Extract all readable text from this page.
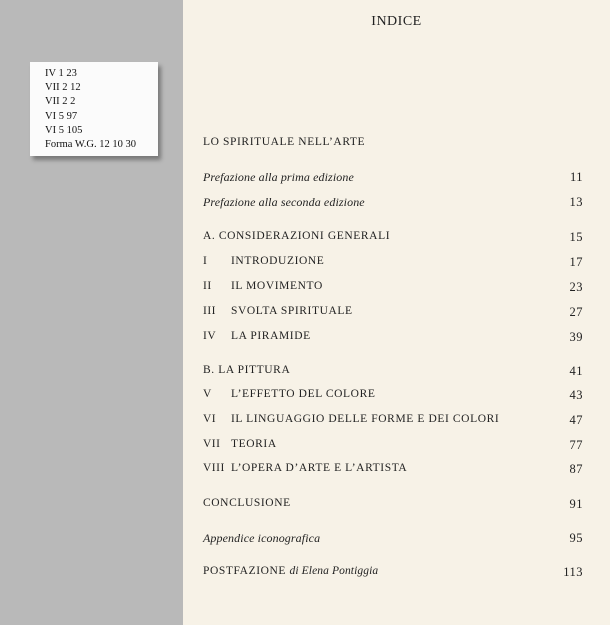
IV 1 23
VII 2 12
VII 2 2
VI 5 97
VI 5 105
Forma W.G. 12 10 30
INDICE
LO SPIRITUALE NELL’ARTE
Prefazione alla prima edizione	11
Prefazione alla seconda edizione	13
A. CONSIDERAZIONI GENERALI	15
I	INTRODUZIONE	17
II	IL MOVIMENTO	23
III	SVOLTA SPIRITUALE	27
IV	LA PIRAMIDE	39
B. LA PITTURA	41
V	L’EFFETTO DEL COLORE	43
VI	IL LINGUAGGIO DELLE FORME E DEI COLORI	47
VII TEORIA	77
VIII L’OPERA D’ARTE E L’ARTISTA	87
CONCLUSIONE	91
Appendice iconografica	95
POSTFAZIONE di Elena Pontiggia	113
